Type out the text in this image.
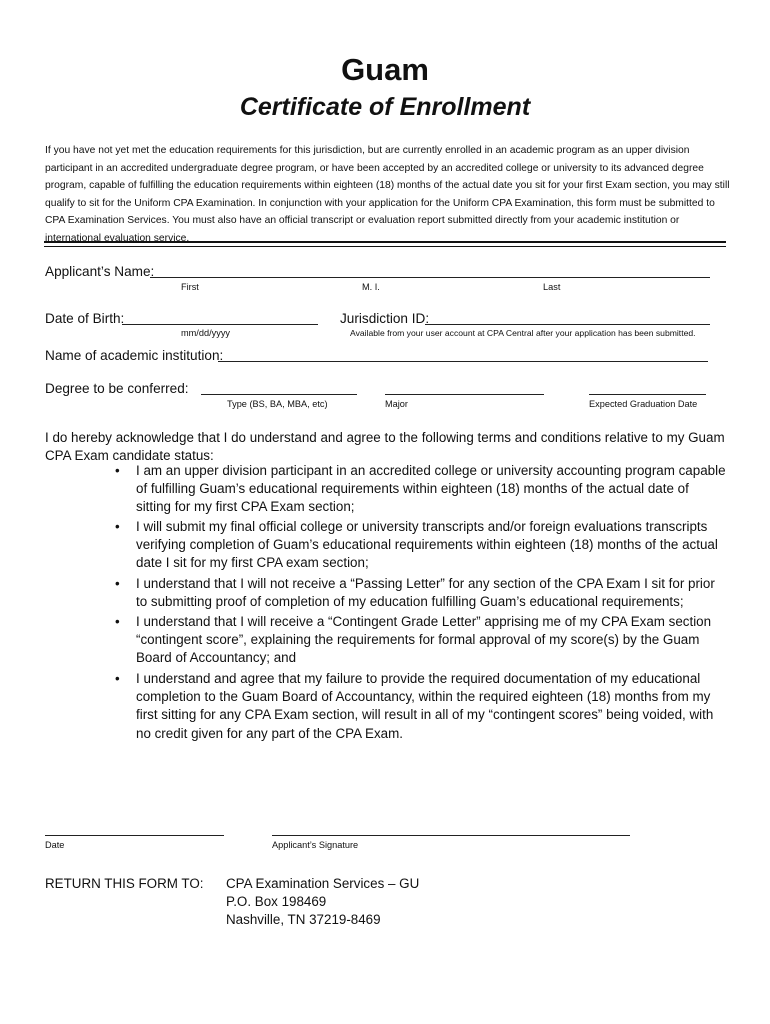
Guam
Certificate of Enrollment
If you have not yet met the education requirements for this jurisdiction, but are currently enrolled in an academic program as an upper division participant in an accredited undergraduate degree program, or have been accepted by an accredited college or university to its advanced degree program, capable of fulfilling the education requirements within eighteen (18) months of the actual date you sit for your first Exam section, you may still qualify to sit for the Uniform CPA Examination. In conjunction with your application for the Uniform CPA Examination, this form must be submitted to CPA Examination Services. You must also have an official transcript or evaluation report submitted directly from your academic institution or international evaluation service.
Applicant’s Name:
First	M. I.	Last
Date of Birth:
mm/dd/yyyy
Jurisdiction ID:
Available from your user account at CPA Central after your application has been submitted.
Name of academic institution:
Degree to be conferred:
Type (BS, BA, MBA, etc)	Major	Expected Graduation Date
I do hereby acknowledge that I do understand and agree to the following terms and conditions relative to my Guam CPA Exam candidate status:
• I am an upper division participant in an accredited college or university accounting program capable of fulfilling Guam’s educational requirements within eighteen (18) months of the actual date of sitting for my first CPA Exam section;
• I will submit my final official college or university transcripts and/or foreign evaluations transcripts verifying completion of Guam’s educational requirements within eighteen (18) months of the actual date I sit for my first CPA exam section;
• I understand that I will not receive a “Passing Letter” for any section of the CPA Exam I sit for prior to submitting proof of completion of my education fulfilling Guam’s educational requirements;
• I understand that I will receive a “Contingent Grade Letter” apprising me of my CPA Exam section “contingent score”, explaining the requirements for formal approval of my score(s) by the Guam Board of Accountancy; and
• I understand and agree that my failure to provide the required documentation of my educational completion to the Guam Board of Accountancy, within the required eighteen (18) months from my first sitting for any CPA Exam section, will result in all of my “contingent scores” being voided, with no credit given for any part of the CPA Exam.
Date	Applicant’s Signature
RETURN THIS FORM TO: CPA Examination Services – GU
P.O. Box 198469
Nashville, TN 37219-8469
